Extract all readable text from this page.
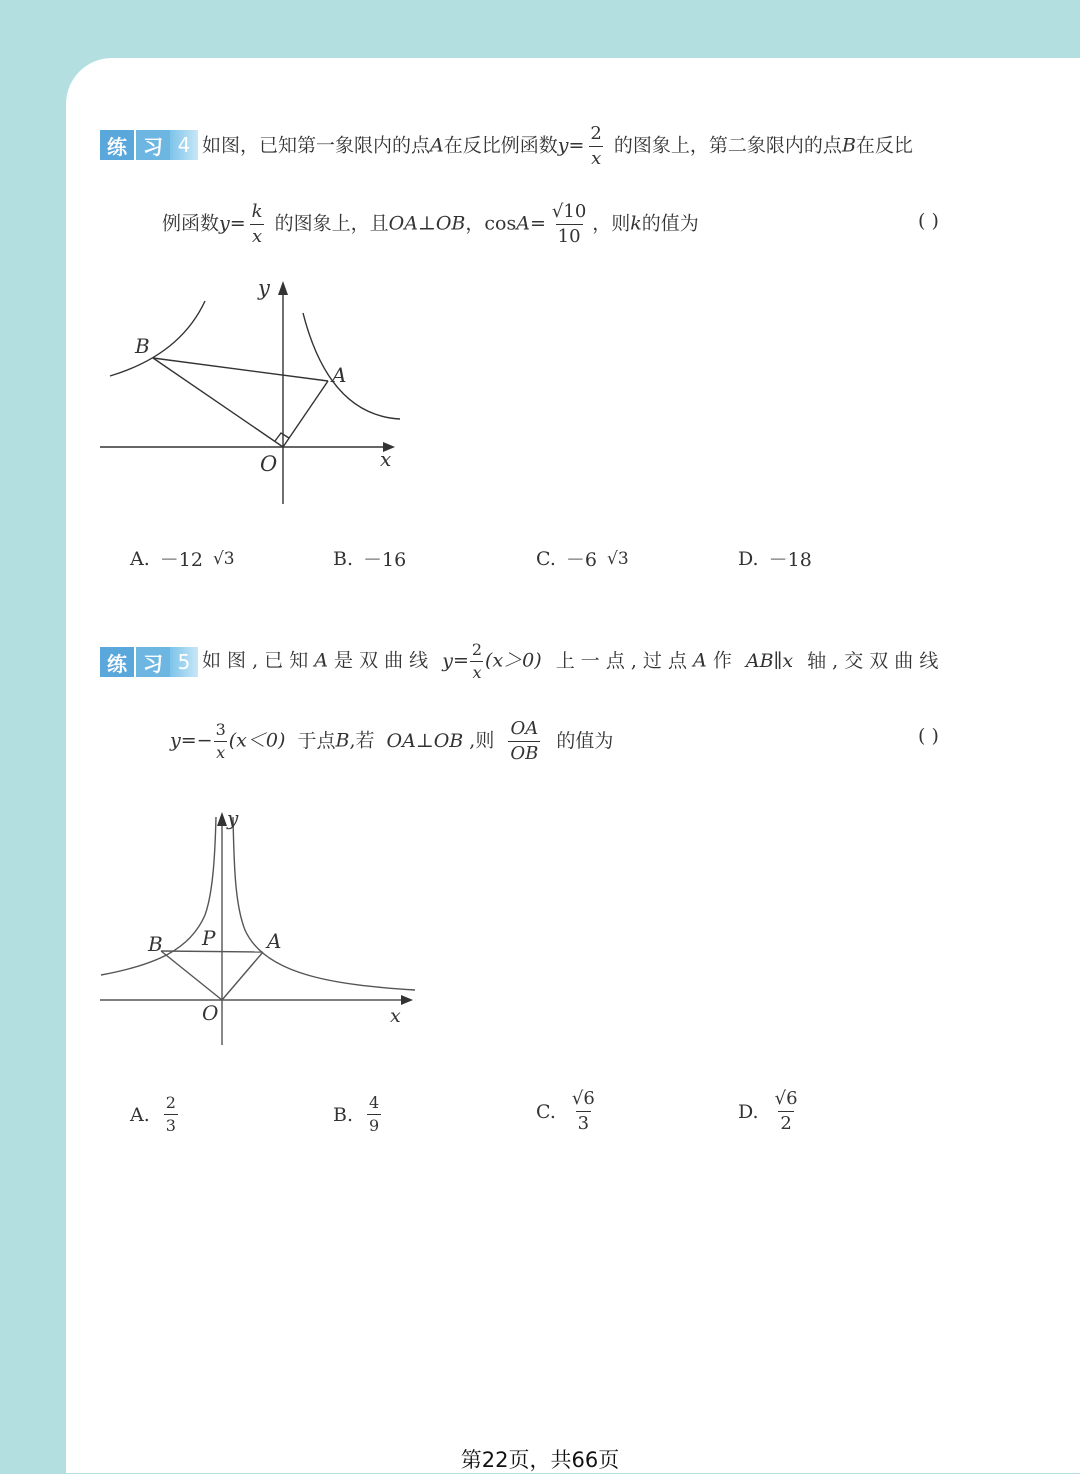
练 习 4 如图，已知第一象限内的点A在反比例函数$y= \frac{2}{x}$ 的图象上，第二象限内的点B在反比
例函数$y= \frac{k}{x}$ 的图象上，且OA⊥OB，$\cos A= \frac{√10}{10}$ ，则k的值为	( )
y
x
O
A
B
A. －12 √3	B. －16	C. －6 √3	D. －18
练 习 5 如 图 , 已 知 A 是 双 曲 线 $y= \frac{2}{x} (x>0)$ 上 一 点 , 过 点 A 作 AB∥x 轴 , 交 双 曲 线
$y=- \frac{3}{x} (x<0)$ 于点B,若 OA⊥OB ,则 $\frac{OA}{OB}$ 的值为	( )
y
x
O
A
B P
A. $\frac{2}{3}$	B. $\frac{4}{9}$	C. $\frac{√6}{3}$	D. $\frac{√6}{2}$
第22页，共66页
